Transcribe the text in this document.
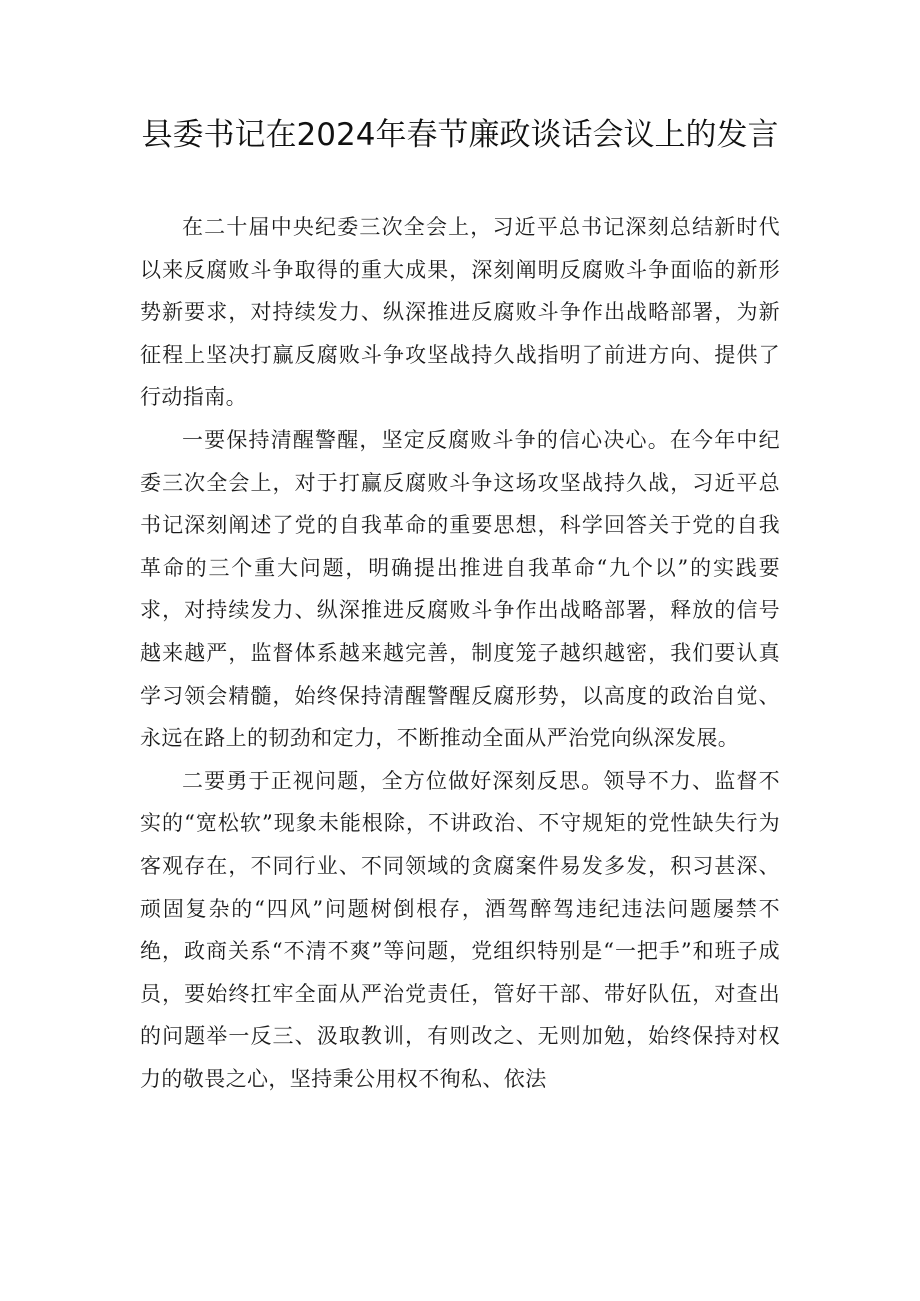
县委书记在2024年春节廉政谈话会议上的发言

在二十届中央纪委三次全会上，习近平总书记深刻总结新时代以来反腐败斗争取得的重大成果，深刻阐明反腐败斗争面临的新形势新要求，对持续发力、纵深推进反腐败斗争作出战略部署，为新征程上坚决打赢反腐败斗争攻坚战持久战指明了前进方向、提供了行动指南。

一要保持清醒警醒，坚定反腐败斗争的信心决心。在今年中纪委三次全会上，对于打赢反腐败斗争这场攻坚战持久战，习近平总书记深刻阐述了党的自我革命的重要思想，科学回答关于党的自我革命的三个重大问题，明确提出推进自我革命“九个以”的实践要求，对持续发力、纵深推进反腐败斗争作出战略部署，释放的信号越来越严，监督体系越来越完善，制度笼子越织越密，我们要认真学习领会精髓，始终保持清醒警醒反腐形势，以高度的政治自觉、永远在路上的韧劲和定力，不断推动全面从严治党向纵深发展。

二要勇于正视问题，全方位做好深刻反思。领导不力、监督不实的“宽松软”现象未能根除，不讲政治、不守规矩的党性缺失行为客观存在，不同行业、不同领域的贪腐案件易发多发，积习甚深、顽固复杂的“四风”问题树倒根存，酒驾醉驾违纪违法问题屡禁不绝，政商关系“不清不爽”等问题，党组织特别是“一把手”和班子成员，要始终扛牢全面从严治党责任，管好干部、带好队伍，对查出的问题举一反三、汲取教训，有则改之、无则加勉，始终保持对权力的敬畏之心，坚持秉公用权不徇私、依法
